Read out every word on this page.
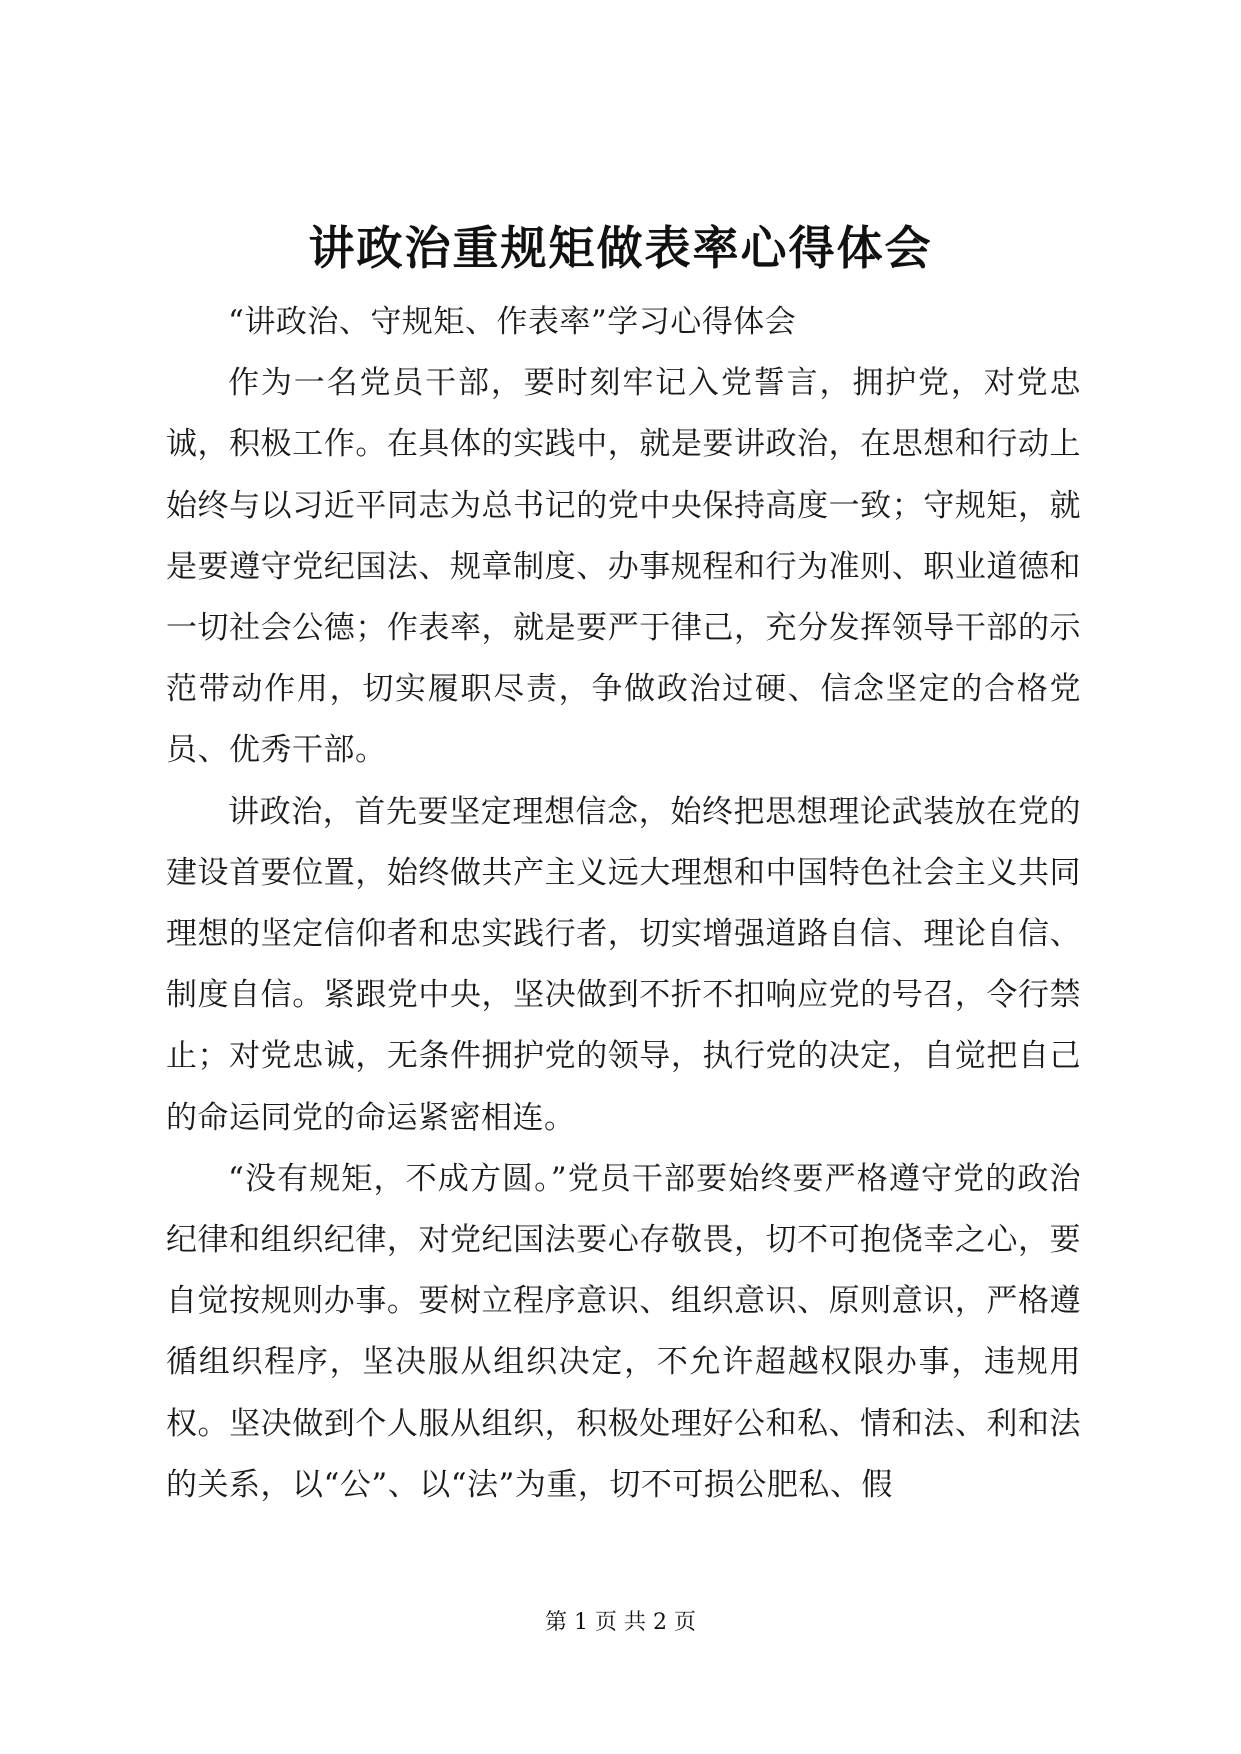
讲政治重规矩做表率心得体会

“讲政治、守规矩、作表率”学习心得体会

作为一名党员干部，要时刻牢记入党誓言，拥护党，对党忠诚，积极工作。在具体的实践中，就是要讲政治，在思想和行动上始终与以习近平同志为总书记的党中央保持高度一致；守规矩，就是要遵守党纪国法、规章制度、办事规程和行为准则、职业道德和一切社会公德；作表率，就是要严于律己，充分发挥领导干部的示范带动作用，切实履职尽责，争做政治过硬、信念坚定的合格党员、优秀干部。

讲政治，首先要坚定理想信念，始终把思想理论武装放在党的建设首要位置，始终做共产主义远大理想和中国特色社会主义共同理想的坚定信仰者和忠实践行者，切实增强道路自信、理论自信、制度自信。紧跟党中央，坚决做到不折不扣响应党的号召，令行禁止；对党忠诚，无条件拥护党的领导，执行党的决定，自觉把自己的命运同党的命运紧密相连。

“没有规矩，不成方圆。”党员干部要始终要严格遵守党的政治纪律和组织纪律，对党纪国法要心存敬畏，切不可抱侥幸之心，要自觉按规则办事。要树立程序意识、组织意识、原则意识，严格遵循组织程序，坚决服从组织决定，不允许超越权限办事，违规用权。坚决做到个人服从组织，积极处理好公和私、情和法、利和法的关系，以“公”、以“法”为重，切不可损公肥私、假

第 1 页 共 2 页
